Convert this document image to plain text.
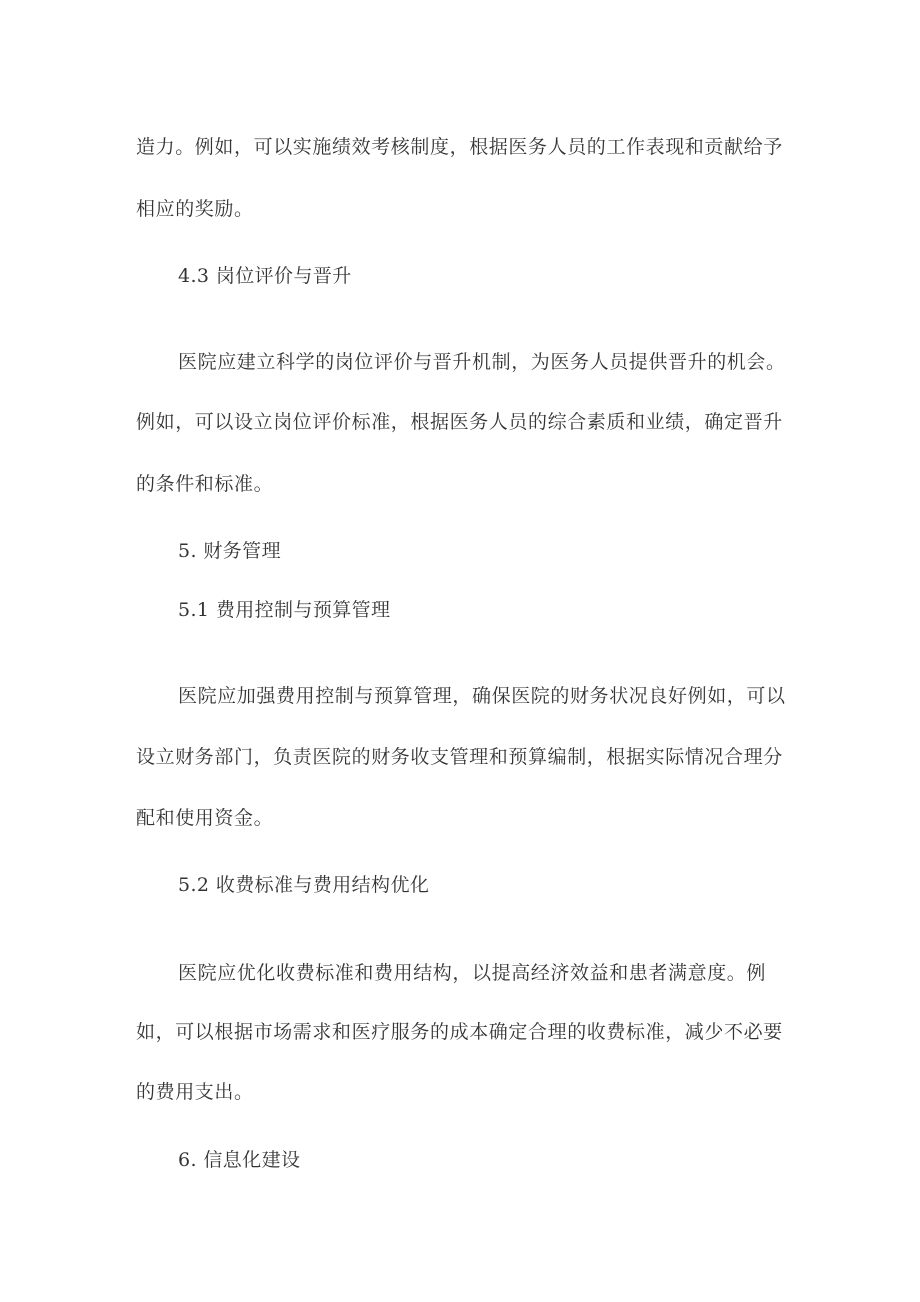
造力。例如，可以实施绩效考核制度，根据医务人员的工作表现和贡献给予

相应的奖励。

4.3 岗位评价与晋升

医院应建立科学的岗位评价与晋升机制，为医务人员提供晋升的机会。

例如，可以设立岗位评价标准，根据医务人员的综合素质和业绩，确定晋升

的条件和标准。

5. 财务管理

5.1 费用控制与预算管理

医院应加强费用控制与预算管理，确保医院的财务状况良好例如，可以

设立财务部门，负责医院的财务收支管理和预算编制，根据实际情况合理分

配和使用资金。

5.2 收费标准与费用结构优化

医院应优化收费标准和费用结构，以提高经济效益和患者满意度。例

如，可以根据市场需求和医疗服务的成本确定合理的收费标准，减少不必要

的费用支出。

6. 信息化建设
